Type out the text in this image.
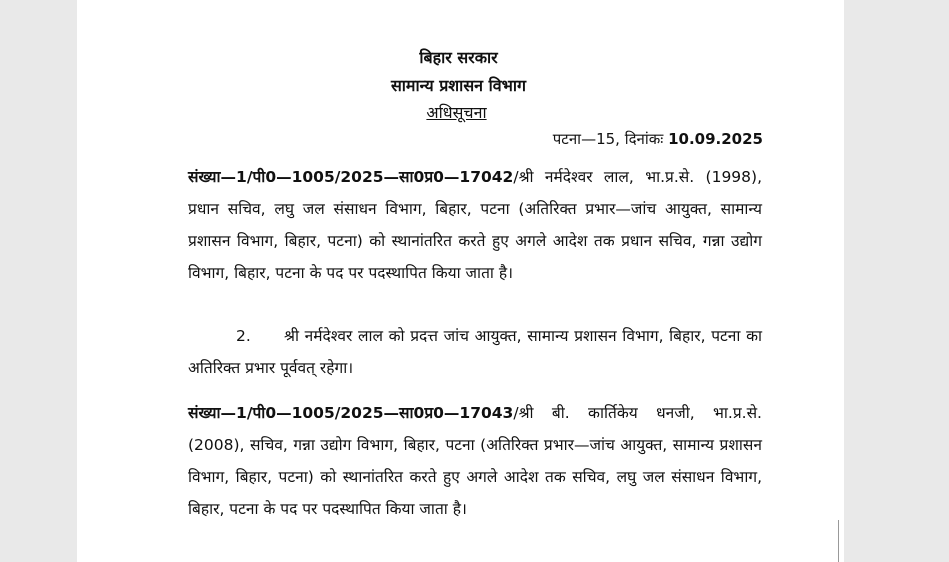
बिहार सरकार
सामान्य प्रशासन विभाग
अधिसूचना
पटना—15, दिनांकः 10.09.2025
संख्या—1/पी0—1005/2025—सा0प्र0—17042/श्री नर्मदेश्वर लाल, भा.प्र.से. (1998), प्रधान सचिव, लघु जल संसाधन विभाग, बिहार, पटना (अतिरिक्त प्रभार—जांच आयुक्त, सामान्य प्रशासन विभाग, बिहार, पटना) को स्थानांतरित करते हुए अगले आदेश तक प्रधान सचिव, गन्ना उद्योग विभाग, बिहार, पटना के पद पर पदस्थापित किया जाता है।
2. श्री नर्मदेश्वर लाल को प्रदत्त जांच आयुक्त, सामान्य प्रशासन विभाग, बिहार, पटना का अतिरिक्त प्रभार पूर्ववत् रहेगा।
संख्या—1/पी0—1005/2025—सा0प्र0—17043/श्री बी. कार्तिकेय धनजी, भा.प्र.से. (2008), सचिव, गन्ना उद्योग विभाग, बिहार, पटना (अतिरिक्त प्रभार—जांच आयुक्त, सामान्य प्रशासन विभाग, बिहार, पटना) को स्थानांतरित करते हुए अगले आदेश तक सचिव, लघु जल संसाधन विभाग, बिहार, पटना के पद पर पदस्थापित किया जाता है।
